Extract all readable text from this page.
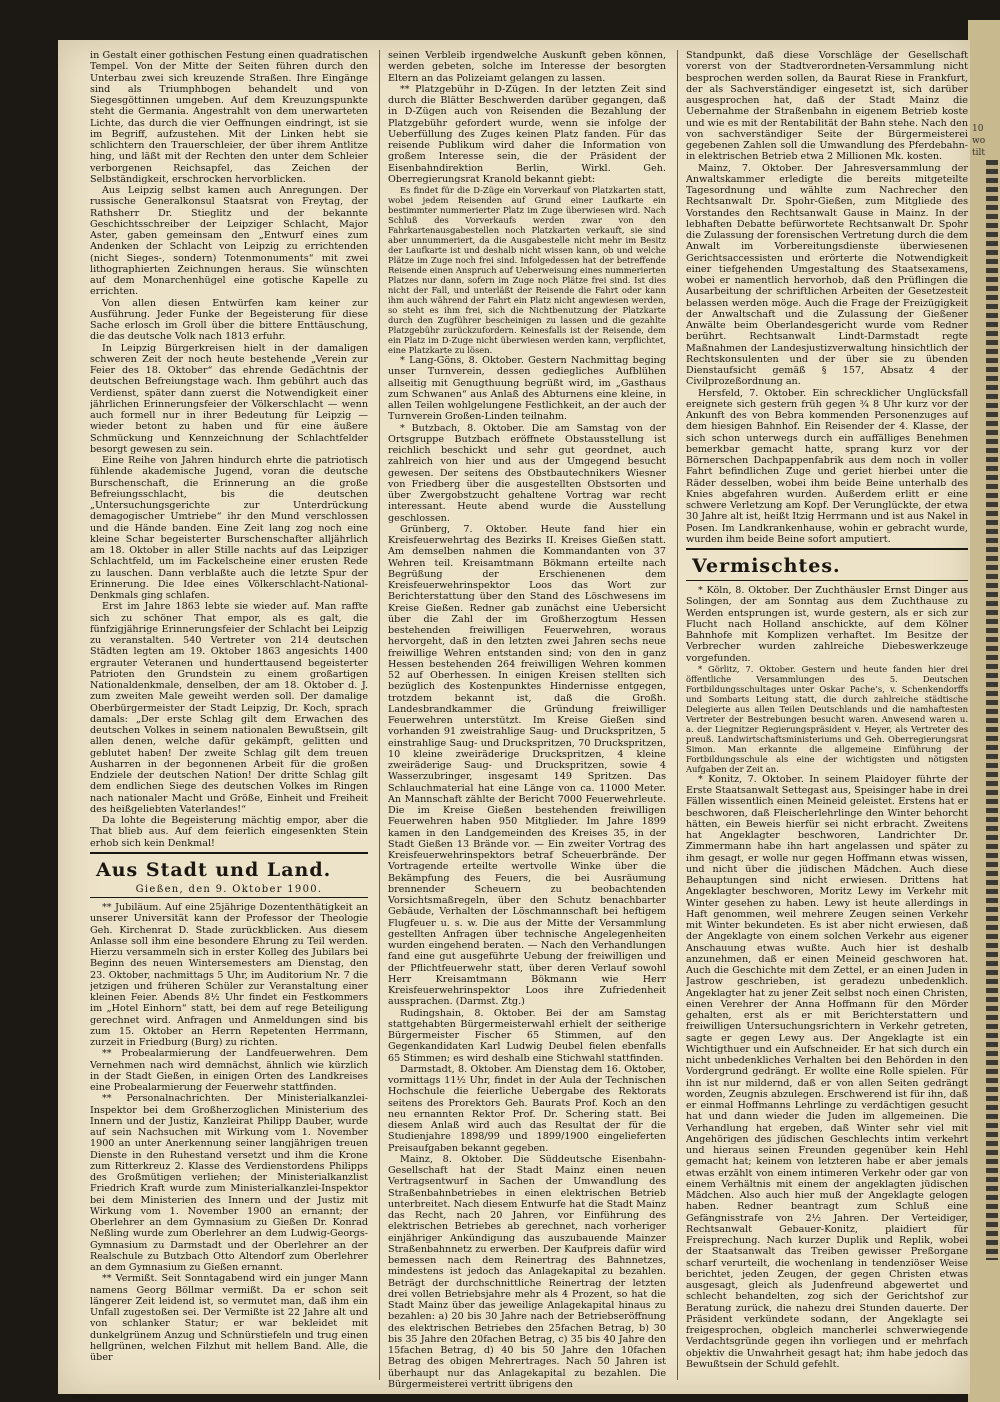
10
wo
tilt

in Gestalt einer gothischen Festung einen quadratischen Tempel. Von der Mitte der Seiten führen durch den Unterbau zwei sich kreuzende Straßen. Ihre Eingänge sind als Triumphbogen behandelt und von Siegesgöttinnen umgeben. Auf dem Kreuzungspunkte steht die Germania. Angestrahlt von dem unerwarteten Lichte, das durch die vier Oeffnungen eindringt, ist sie im Begriff, aufzustehen. Mit der Linken hebt sie schlichtern den Trauerschleier, der über ihrem Antlitze hing, und läßt mit der Rechten den unter dem Schleier verborgenen Reichsapfel, das Zeichen der Selbständigkeit, erschrocken hervorblicken.

Aus Leipzig selbst kamen auch Anregungen. Der russische Generalkonsul Staatsrat von Freytag, der Rathsherr Dr. Stieglitz und der bekannte Geschichtsschreiber der Leipziger Schlacht, Major Aster, gaben gemeinsam den „Entwurf eines zum Andenken der Schlacht von Leipzig zu errichtenden (nicht Sieges-, sondern) Totenmonuments“ mit zwei lithographierten Zeichnungen heraus. Sie wünschten auf dem Monarchenhügel eine gotische Kapelle zu errichten.

Von allen diesen Entwürfen kam keiner zur Ausführung. Jeder Funke der Begeisterung für diese Sache erlosch im Groll über die bittere Enttäuschung, die das deutsche Volk nach 1813 erfuhr.

In Leipzig Bürgerkreisen hielt in der damaligen schweren Zeit der noch heute bestehende „Verein zur Feier des 18. Oktober“ das ehrende Gedächtnis der deutschen Befreiungstage wach. Ihm gebührt auch das Verdienst, später dann zuerst die Notwendigkeit einer jährlichen Erinnerungsfeier der Völkerschlacht — wenn auch formell nur in ihrer Bedeutung für Leipzig — wieder betont zu haben und für eine äußere Schmückung und Kennzeichnung der Schlachtfelder besorgt gewesen zu sein.

Eine Reihe von Jahren hindurch ehrte die patriotisch fühlende akademische Jugend, voran die deutsche Burschenschaft, die Erinnerung an die große Befreiungsschlacht, bis die deutschen „Untersuchungsgerichte zur Unterdrückung demagogischer Umtriebe“ ihr den Mund verschlossen und die Hände banden. Eine Zeit lang zog noch eine kleine Schar begeisterter Burschenschafter alljährlich am 18. Oktober in aller Stille nachts auf das Leipziger Schlachtfeld, um im Fackelscheine einer erusten Rede zu lauschen. Dann verblaßte auch die letzte Spur der Erinnerung. Die Idee eines Völkerschlacht-National-Denkmals ging schlafen.

Erst im Jahre 1863 lebte sie wieder auf. Man raffte sich zu schöner That empor, als es galt, die fünfzigjährige Erinnerungsfeier der Schlacht bei Leipzig zu veranstalten. 540 Vertreter von 214 deutschen Städten legten am 19. Oktober 1863 angesichts 1400 ergrauter Veteranen und hunderttausend begeisterter Patrioten den Grundstein zu einem großartigen Nationaldenkmale, denselben, der am 18. Oktober d. J. zum zweiten Male geweiht werden soll. Der damalige Oberbürgermeister der Stadt Leipzig, Dr. Koch, sprach damals: „Der erste Schlag gilt dem Erwachen des deutschen Volkes in seinem nationalen Bewußtsein, gilt allen denen, welche dafür gekämpft, gelitten und geblutet haben! Der zweite Schlag gilt dem treuen Ausharren in der begonnenen Arbeit für die großen Endziele der deutschen Nation! Der dritte Schlag gilt dem endlichen Siege des deutschen Volkes im Ringen nach nationaler Macht und Größe, Einheit und Freiheit des heißgeliebten Vaterlandes!“

Da lohte die Begeisterung mächtig empor, aber die That blieb aus. Auf dem feierlich eingesenkten Stein erhob sich kein Denkmal!

Aus Stadt und Land.
Gießen, den 9. Oktober 1900.

** Jubiläum. Auf eine 25jährige Dozententhätigkeit an unserer Universität kann der Professor der Theologie Geh. Kirchenrat D. Stade zurückblicken. Aus diesem Anlasse soll ihm eine besondere Ehrung zu Teil werden. Hierzu versammeln sich in erster Kolleg des Jubilars bei Beginn des neuen Wintersemesters am Dienstag, den 23. Oktober, nachmittags 5 Uhr, im Auditorium Nr. 7 die jetzigen und früheren Schüler zur Veranstaltung einer kleinen Feier. Abends 8½ Uhr findet ein Festkommers im „Hotel Einhorn“ statt, bei dem auf rege Beteiligung gerechnet wird. Anfragen und Anmeldungen sind bis zum 15. Oktober an Herrn Repetenten Herrmann, zurzeit in Friedburg (Burg) zu richten.

** Probealarmierung der Landfeuerwehren. Dem Vernehmen nach wird demnächst, ähnlich wie kürzlich in der Stadt Gießen, in einigen Orten des Landkreises eine Probealarmierung der Feuerwehr stattfinden.

** Personalnachrichten. Der Ministerialkanzlei-Inspektor bei dem Großherzoglichen Ministerium des Innern und der Justiz, Kanzleirat Philipp Dauber, wurde auf sein Nachsuchen mit Wirkung vom 1. November 1900 an unter Anerkennung seiner langjährigen treuen Dienste in den Ruhestand versetzt und ihm die Krone zum Ritterkreuz 2. Klasse des Verdienstordens Philipps des Großmütigen verliehen; der Ministerialkanzlist Friedrich Kraft wurde zum Ministerialkanzlei-Inspektor bei dem Ministerien des Innern und der Justiz mit Wirkung vom 1. November 1900 an ernannt; der Oberlehrer an dem Gymnasium zu Gießen Dr. Konrad Neßling wurde zum Oberlehrer an dem Ludwig-Georgs-Gymnasium zu Darmstadt und der Oberlehrer an der Realschule zu Butzbach Otto Altendorf zum Oberlehrer an dem Gymnasium zu Gießen ernannt.

** Vermißt. Seit Sonntagabend wird ein junger Mann namens Georg Böllmar vermißt. Da er schon seit längerer Zeit leidend ist, so vermutet man, daß ihm ein Unfall zugestoßen sei. Der Vermißte ist 22 Jahre alt und von schlanker Statur; er war bekleidet mit dunkelgrünem Anzug und Schnürstiefeln und trug einen hellgrünen, welchen Filzhut mit hellem Band. Alle, die über

seinen Verbleib irgendwelche Auskunft geben können, werden gebeten, solche im Interesse der besorgten Eltern an das Polizeiamt gelangen zu lassen.

** Platzgebühr in D-Zügen. In der letzten Zeit sind durch die Blätter Beschwerden darüber gegangen, daß in D-Zügen auch von Reisenden die Bezahlung der Platzgebühr gefordert wurde, wenn sie infolge der Ueberfüllung des Zuges keinen Platz fanden. Für das reisende Publikum wird daher die Information von großem Interesse sein, die der Präsident der Eisenbahndirektion Berlin, Wirkl. Geh. Oberregierungsrat Kranold bekannt giebt:

Es findet für die D-Züge ein Vorverkauf von Platzkarten statt, wobei jedem Reisenden auf Grund einer Laufkarte ein bestimmter nummerierter Platz im Zuge überwiesen wird. Nach Schluß des Vorverkaufs werden zwar von den Fahrkartenausgabestellen noch Platzkarten verkauft, sie sind aber unnummeriert, da die Ausgabestelle nicht mehr im Besitz der Laufkarte ist und deshalb nicht wissen kann, ob und welche Plätze im Zuge noch frei sind. Infolgedessen hat der betreffende Reisende einen Anspruch auf Ueberweisung eines nummerierten Platzes nur dann, sofern im Zuge noch Plätze frei sind. Ist dies nicht der Fall, und unterläßt der Reisende die Fahrt oder kann ihm auch während der Fahrt ein Platz nicht angewiesen werden, so steht es ihm frei, sich die Nichtbenutzung der Platzkarte durch den Zugführer bescheinigen zu lassen und die gezahlte Platzgebühr zurückzufordern. Keinesfalls ist der Reisende, dem ein Platz im D-Zuge nicht überwiesen werden kann, verpflichtet, eine Platzkarte zu lösen.

* Lang-Göns, 8. Oktober. Gestern Nachmittag beging unser Turnverein, dessen gediegliches Aufblühen allseitig mit Genugthuung begrüßt wird, im „Gasthaus zum Schwanen“ aus Anlaß des Abturnens eine kleine, in allen Teilen wohlgelungene Festlichkeit, an der auch der Turnverein Großen-Linden teilnahm.

* Butzbach, 8. Oktober. Die am Samstag von der Ortsgruppe Butzbach eröffnete Obstausstellung ist reichlich beschickt und sehr gut geordnet, auch zahlreich von hier und aus der Umgegend besucht gewesen. Der seitens des Obstbautechnikers Wiesner von Friedberg über die ausgestellten Obstsorten und über Zwergobstzucht gehaltene Vortrag war recht interessant. Heute abend wurde die Ausstellung geschlossen.

Grünberg, 7. Oktober. Heute fand hier ein Kreisfeuerwehrtag des Bezirks II. Kreises Gießen statt. Am demselben nahmen die Kommandanten von 37 Wehren teil. Kreisamtmann Bökmann erteilte nach Begrüßung der Erschienenen dem Kreisfeuerwehrinspektor Loos das Wort zur Berichterstattung über den Stand des Löschwesens im Kreise Gießen. Redner gab zunächst eine Uebersicht über die Zahl der im Großherzogtum Hessen bestehenden freiwilligen Feuerwehren, woraus hervorgeht, daß in den letzten zwei Jahren sechs neue freiwillige Wehren entstanden sind; von den in ganz Hessen bestehenden 264 freiwilligen Wehren kommen 52 auf Oberhessen. In einigen Kreisen stellten sich bezüglich des Kostenpunktes Hindernisse entgegen, trotzdem bekannt ist, daß die Großh. Landesbrandkammer die Gründung freiwilliger Feuerwehren unterstützt. Im Kreise Gießen sind vorhanden 91 zweistrahlige Saug- und Druckspritzen, 5 einstrahlige Saug- und Druckspritzen, 70 Druckspritzen, 10 kleine zweiräderige Druckspritzen, 4 kleine zweiräderige Saug- und Druckspritzen, sowie 4 Wasserzubringer, insgesamt 149 Spritzen. Das Schlauchmaterial hat eine Länge von ca. 11000 Meter. An Mannschaft zählte der Bericht 7000 Feuerwehrleute. Die im Kreise Gießen bestehenden freiwilligen Feuerwehren haben 950 Mitglieder. Im Jahre 1899 kamen in den Landgemeinden des Kreises 35, in der Stadt Gießen 13 Brände vor. — Ein zweiter Vortrag des Kreisfeuerwehrinspektors betraf Scheuerbrände. Der Vortragende erteilte wertvolle Winke über die Bekämpfung des Feuers, die bei Ausräumung brennender Scheuern zu beobachtenden Vorsichtsmaßregeln, über den Schutz benachbarter Gebäude, Verhalten der Löschmannschaft bei heftigem Flugfeuer u. s. w. Die aus der Mitte der Versammlung gestellten Anfragen über technische Angelegenheiten wurden eingehend beraten. — Nach den Verhandlungen fand eine gut ausgeführte Uebung der freiwilligen und der Pflichtfeuerwehr statt, über deren Verlauf sowohl Herr Kreisamtmann Bökmann wie Herr Kreisfeuerwehrinspektor Loos ihre Zufriedenheit aussprachen. (Darmst. Ztg.)

Rudingshain, 8. Oktober. Bei der am Samstag stattgehabten Bürgermeisterwahl erhielt der seitherige Bürgermeister Fischer 65 Stimmen, auf den Gegenkandidaten Karl Ludwig Deubel fielen ebenfalls 65 Stimmen; es wird deshalb eine Stichwahl stattfinden.

Darmstadt, 8. Oktober. Am Dienstag dem 16. Oktober, vormittags 11½ Uhr, findet in der Aula der Technischen Hochschule die feierliche Uebergabe des Rektorats seitens des Prorektors Geh. Baurats Prof. Koch an den neu ernannten Rektor Prof. Dr. Schering statt. Bei diesem Anlaß wird auch das Resultat der für die Studienjahre 1898/99 und 1899/1900 eingelieferten Preisaufgaben bekannt gegeben.

Mainz, 8. Oktober. Die Süddeutsche Eisenbahn-Gesellschaft hat der Stadt Mainz einen neuen Vertragsentwurf in Sachen der Umwandlung des Straßenbahnbetriebes in einen elektrischen Betrieb unterbreitet. Nach diesem Entwurfe hat die Stadt Mainz das Recht, nach 20 Jahren, vor Einführung des elektrischen Betriebes ab gerechnet, nach vorheriger einjähriger Ankündigung das auszubauende Mainzer Straßenbahnnetz zu erwerben. Der Kaufpreis dafür wird bemessen nach dem Reinertrag des Bahnnetzes, mindestens ist jedoch das Anlagekapital zu bezahlen. Beträgt der durchschnittliche Reinertrag der letzten drei vollen Betriebsjahre mehr als 4 Prozent, so hat die Stadt Mainz über das jeweilige Anlagekapital hinaus zu bezahlen: a) 20 bis 30 Jahre nach der Betriebseröffnung des elektrischen Betriebes den 25fachen Betrag, b) 30 bis 35 Jahre den 20fachen Betrag, c) 35 bis 40 Jahre den 15fachen Betrag, d) 40 bis 50 Jahre den 10fachen Betrag des obigen Mehrertrages. Nach 50 Jahren ist überhaupt nur das Anlagekapital zu bezahlen. Die Bürgermeisterei vertritt übrigens den

Standpunkt, daß diese Vorschläge der Gesellschaft vorerst von der Stadtverordneten-Versammlung nicht besprochen werden sollen, da Baurat Riese in Frankfurt, der als Sachverständiger eingesetzt ist, sich darüber ausgesprochen hat, daß der Stadt Mainz die Uebernahme der Straßenbahn in eigenem Betrieb koste und wie es mit der Rentabilität der Bahn stehe. Nach den von sachverständiger Seite der Bürgermeisterei gegebenen Zahlen soll die Umwandlung des Pferdebahn- in elektrischen Betrieb etwa 2 Millionen Mk. kosten.

Mainz, 7. Oktober. Der Jahresversammlung der Anwaltskammer erledigte die bereits mitgeteilte Tagesordnung und wählte zum Nachrecher den Rechtsanwalt Dr. Spohr-Gießen, zum Mitgliede des Vorstandes den Rechtsanwalt Gause in Mainz. In der lebhaften Debatte befürwortete Rechtsanwalt Dr. Spohr die Zulassung der forensischen Vertretung durch die dem Anwalt im Vorbereitungsdienste überwiesenen Gerichtsaccessisten und erörterte die Notwendigkeit einer tiefgehenden Umgestaltung des Staatsexamens, wobei er namentlich hervorhob, daß den Prüflingen die Ausarbeitung der schriftlichen Arbeiten der Gesetzesteit belassen werden möge. Auch die Frage der Freizügigkeit der Anwaltschaft und die Zulassung der Gießener Anwälte beim Oberlandesgericht wurde vom Redner berührt. Rechtsanwalt Lindt-Darmstadt regte Maßnahmen der Landesjustizverwaltung hinsichtlich der Rechtskonsulenten und der über sie zu übenden Dienstaufsicht gemäß § 157, Absatz 4 der Civilprozeßordnung an.

Hersfeld, 7. Oktober. Ein schrecklicher Unglücksfall ereignete sich gestern früh gegen ¾ 8 Uhr kurz vor der Ankunft des von Bebra kommenden Personenzuges auf dem hiesigen Bahnhof. Ein Reisender der 4. Klasse, der sich schon unterwegs durch ein auffälliges Benehmen bemerkbar gemacht hatte, sprang kurz vor der Börnerschen Dachpappenfabrik aus dem noch in voller Fahrt befindlichen Zuge und geriet hierbei unter die Räder desselben, wobei ihm beide Beine unterhalb des Knies abgefahren wurden. Außerdem erlitt er eine schwere Verletzung am Kopf. Der Verunglückte, der etwa 30 Jahre alt ist, heißt Itzig Herrmann und ist aus Nakel in Posen. Im Landkrankenhause, wohin er gebracht wurde, wurden ihm beide Beine sofort amputiert.

Vermischtes.

* Köln, 8. Oktober. Der Zuchthäusler Ernst Dinger aus Solingen, der am Sonntag aus dem Zuchthause zu Werden entsprungen ist, wurde gestern, als er sich zur Flucht nach Holland anschickte, auf dem Kölner Bahnhofe mit Komplizen verhaftet. Im Besitze der Verbrecher wurden zahlreiche Diebeswerkzeuge vorgefunden.

* Görlitz, 7. Oktober. Gestern und heute fanden hier drei öffentliche Versammlungen des 5. Deutschen Fortbildungsschultages unter Oskar Pache’s, v. Schenkendorffs und Sombarts Leitung statt, die durch zahlreiche städtische Delegierte aus allen Teilen Deutschlands und die namhaftesten Vertreter der Bestrebungen besucht waren. Anwesend waren u. a. der Liegnitzer Regierungspräsident v. Heyer, als Vertreter des preuß. Landwirtschaftsministeriums und Geh. Oberregierungsrat Simon. Man erkannte die allgemeine Einführung der Fortbildungsschule als eine der wichtigsten und nötigsten Aufgaben der Zeit an.

* Konitz, 7. Oktober. In seinem Plaidoyer führte der Erste Staatsanwalt Settegast aus, Speisinger habe in drei Fällen wissentlich einen Meineid geleistet. Erstens hat er beschworen, daß Fleischerlehrlinge den Winter behorcht hätten, ein Beweis hierfür sei nicht erbracht. Zweitens hat Angeklagter beschworen, Landrichter Dr. Zimmermann habe ihn hart angelassen und später zu ihm gesagt, er wolle nur gegen Hoffmann etwas wissen, und nicht über die jüdischen Mädchen. Auch diese Behauptungen sind nicht erwiesen. Drittens hat Angeklagter beschworen, Moritz Lewy im Verkehr mit Winter gesehen zu haben. Lewy ist heute allerdings in Haft genommen, weil mehrere Zeugen seinen Verkehr mit Winter bekundeten. Es ist aber nicht erwiesen, daß der Angeklagte von einem solchen Verkehr aus eigener Anschauung etwas wußte. Auch hier ist deshalb anzunehmen, daß er einen Meineid geschworen hat. Auch die Geschichte mit dem Zettel, er an einen Juden in Jastrow geschrieben, ist geradezu unbedenklich. Angeklagter hat zu jener Zeit selbst noch einen Christen, einen Verehrer der Anna Hoffmann für den Mörder gehalten, erst als er mit Berichterstattern und freiwilligen Untersuchungsrichtern in Verkehr getreten, sagte er gegen Lewy aus. Der Angeklagte ist ein Wichtigthuer und ein Aufschneider. Er hat sich durch ein nicht unbedenkliches Verhalten bei den Behörden in den Vordergrund gedrängt. Er wollte eine Rolle spielen. Für ihn ist nur mildernd, daß er von allen Seiten gedrängt worden, Zeugnis abzulegen. Erschwerend ist für ihn, daß er einmal Hoffmanns Lehrlinge zu verdächtigen gesucht hat und dann wieder die Juden im allgemeinen. Die Verhandlung hat ergeben, daß Winter sehr viel mit Angehörigen des jüdischen Geschlechts intim verkehrt und hieraus seinen Freunden gegenüber kein Hehl gemacht hat; keinem von letzteren habe er aber jemals etwas erzählt von einem intimeren Verkehr oder gar von einem Verhältnis mit einem der angeklagten jüdischen Mädchen. Also auch hier muß der Angeklagte gelogen haben. Redner beantragt zum Schluß eine Gefängnisstrafe von 2½ Jahren. Der Verteidiger, Rechtsanwalt Gebauer-Konitz, plaidiert für Freisprechung. Nach kurzer Duplik und Replik, wobei der Staatsanwalt das Treiben gewisser Preßorgane scharf verurteilt, die wochenlang in tendenziöser Weise berichtet, jeden Zeugen, der gegen Christen etwas ausgesagt, gleich als Judenfreund abgewertet und schlecht behandelten, zog sich der Gerichtshof zur Beratung zurück, die nahezu drei Stunden dauerte. Der Präsident verkündete sodann, der Angeklagte sei freigesprochen, obgleich mancherlei schwerwiegende Verdachtsgründe gegen ihn vorliegen und er mehrfach objektiv die Unwahrheit gesagt hat; ihm habe jedoch das Bewußtsein der Schuld gefehlt.
